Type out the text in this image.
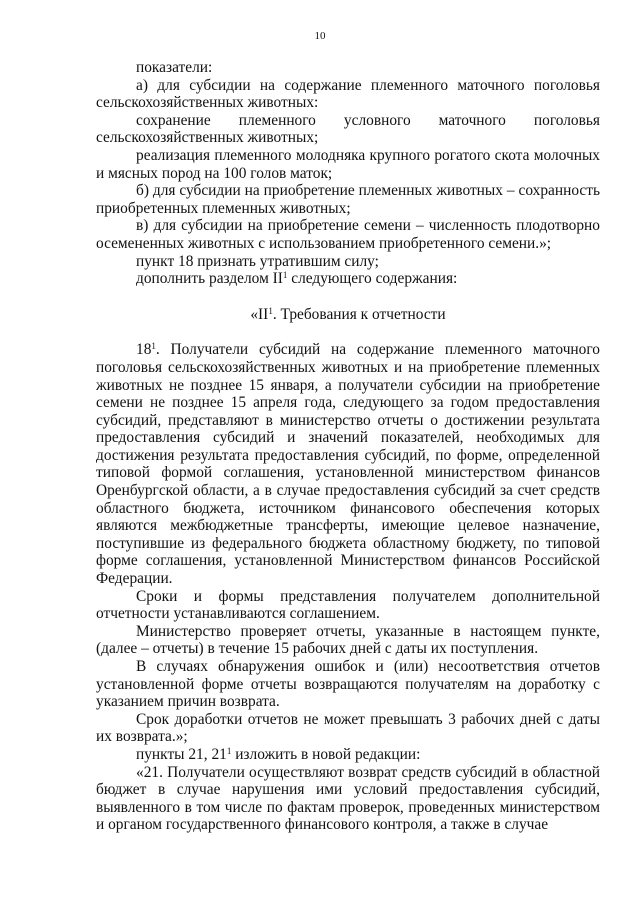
10

показатели:

а) для субсидии на содержание племенного маточного поголовья сельскохозяйственных животных:

сохранение племенного условного маточного поголовья сельскохозяйственных животных;

реализация племенного молодняка крупного рогатого скота молочных и мясных пород на 100 голов маток;

б) для субсидии на приобретение племенных животных – сохранность приобретенных племенных животных;

в) для субсидии на приобретение семени – численность плодотворно осемененных животных с использованием приобретенного семени.»;

пункт 18 признать утратившим силу;

дополнить разделом $II^1$ следующего содержания:

«$II^1$. Требования к отчетности

$18^1$. Получатели субсидий на содержание племенного маточного поголовья сельскохозяйственных животных и на приобретение племенных животных не позднее 15 января, а получатели субсидии на приобретение семени не позднее 15 апреля года, следующего за годом предоставления субсидий, представляют в министерство отчеты о достижении результата предоставления субсидий и значений показателей, необходимых для достижения результата предоставления субсидий, по форме, определенной типовой формой соглашения, установленной министерством финансов Оренбургской области, а в случае предоставления субсидий за счет средств областного бюджета, источником финансового обеспечения которых являются межбюджетные трансферты, имеющие целевое назначение, поступившие из федерального бюджета областному бюджету, по типовой форме соглашения, установленной Министерством финансов Российской Федерации.

Сроки и формы представления получателем дополнительной отчетности устанавливаются соглашением.

Министерство проверяет отчеты, указанные в настоящем пункте, (далее – отчеты) в течение 15 рабочих дней с даты их поступления.

В случаях обнаружения ошибок и (или) несоответствия отчетов установленной форме отчеты возвращаются получателям на доработку с указанием причин возврата.

Срок доработки отчетов не может превышать 3 рабочих дней с даты их возврата.»;

пункты 21, $21^1$ изложить в новой редакции:

«21. Получатели осуществляют возврат средств субсидий в областной бюджет в случае нарушения ими условий предоставления субсидий, выявленного в том числе по фактам проверок, проведенных министерством и органом государственного финансового контроля, а также в случае
